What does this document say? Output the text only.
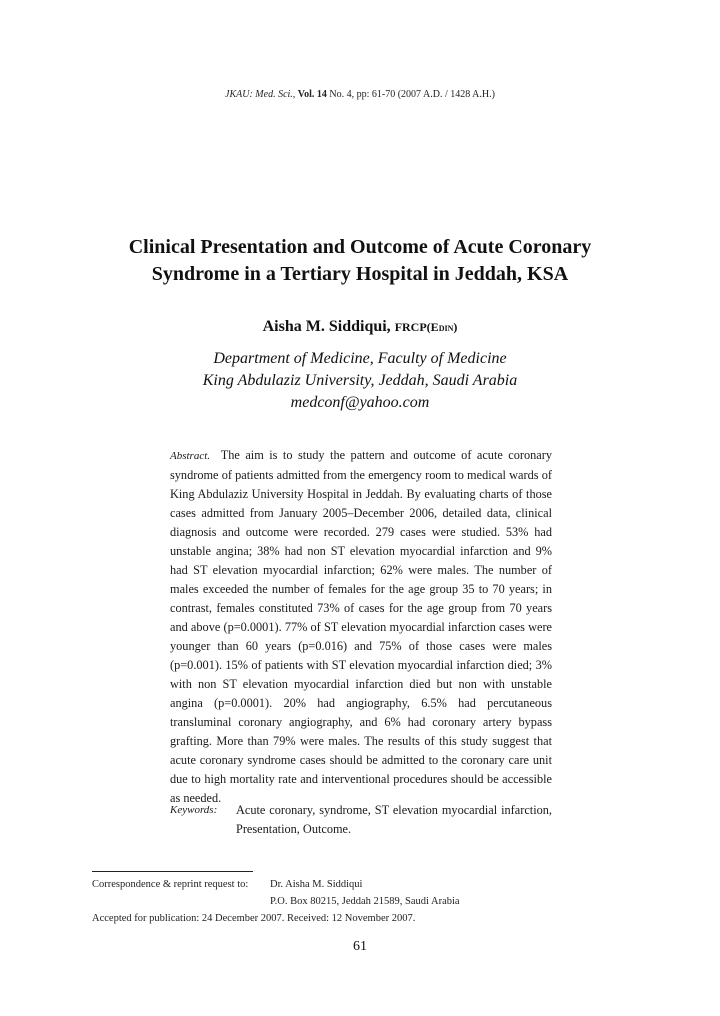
JKAU: Med. Sci., Vol. 14 No. 4, pp: 61-70 (2007 A.D. / 1428 A.H.)
Clinical Presentation and Outcome of Acute Coronary
Syndrome in a Tertiary Hospital in Jeddah, KSA
Aisha M. Siddiqui, FRCP(EDIN)
Department of Medicine, Faculty of Medicine
King Abdulaziz University, Jeddah, Saudi Arabia
medconf@yahoo.com

Abstract. The aim is to study the pattern and outcome of acute coronary syndrome of patients admitted from the emergency room to medical wards of King Abdulaziz University Hospital in Jeddah. By evaluating charts of those cases admitted from January 2005–December 2006, detailed data, clinical diagnosis and outcome were recorded. 279 cases were studied. 53% had unstable angina; 38% had non ST elevation myocardial infarction and 9% had ST elevation myocardial infarction; 62% were males. The number of males exceeded the number of females for the age group 35 to 70 years; in contrast, females constituted 73% of cases for the age group from 70 years and above (p=0.0001). 77% of ST elevation myocardial infarction cases were younger than 60 years (p=0.016) and 75% of those cases were males (p=0.001). 15% of patients with ST elevation myocardial infarction died; 3% with non ST elevation myocardial infarction died but non with unstable angina (p=0.0001). 20% had angiography, 6.5% had percutaneous transluminal coronary angiography, and 6% had coronary artery bypass grafting. More than 79% were males. The results of this study suggest that acute coronary syndrome cases should be admitted to the coronary care unit due to high mortality rate and interventional procedures should be accessible as needed.

Keywords: Acute coronary, syndrome, ST elevation myocardial infarction, Presentation, Outcome.
Correspondence & reprint request to: Dr. Aisha M. Siddiqui
P.O. Box 80215, Jeddah 21589, Saudi Arabia
Accepted for publication: 24 December 2007. Received: 12 November 2007.
61
